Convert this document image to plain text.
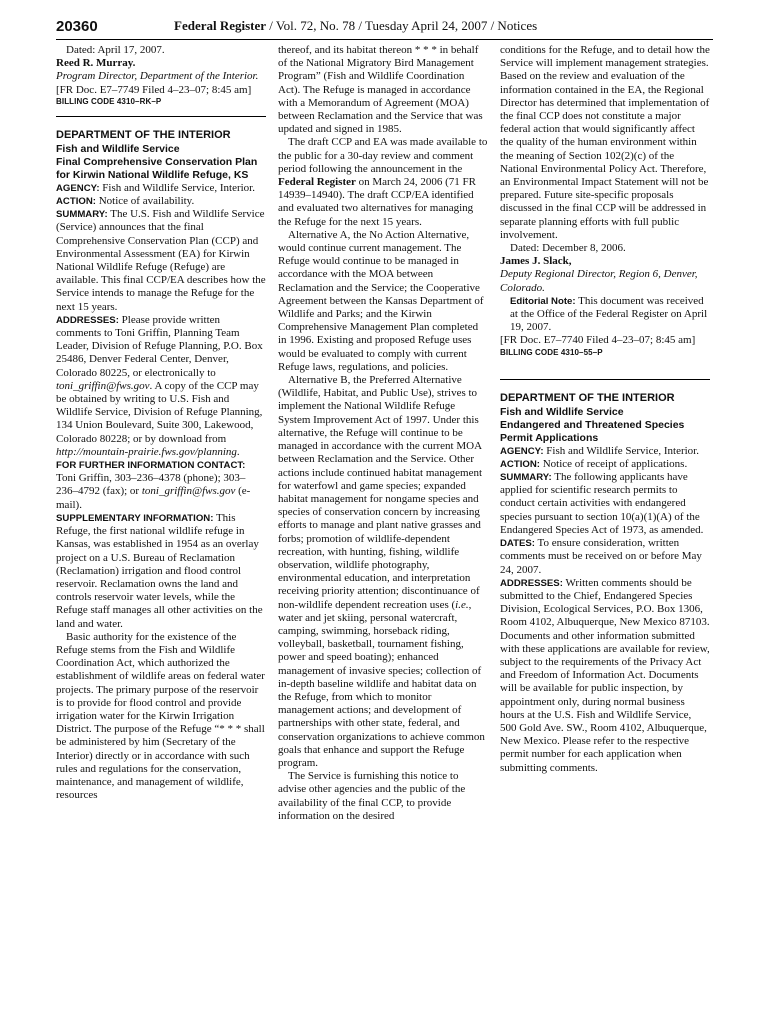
20360	Federal Register / Vol. 72, No. 78 / Tuesday April 24, 2007 / Notices

Dated: April 17, 2007.

Reed R. Murray.

Program Director, Department of the Interior.

[FR Doc. E7–7749 Filed 4–23–07; 8:45 am]

BILLING CODE 4310–RK–P

DEPARTMENT OF THE INTERIOR

Fish and Wildlife Service

Final Comprehensive Conservation Plan for Kirwin National Wildlife Refuge, KS

AGENCY: Fish and Wildlife Service, Interior.

ACTION: Notice of availability.

SUMMARY: The U.S. Fish and Wildlife Service (Service) announces that the final Comprehensive Conservation Plan (CCP) and Environmental Assessment (EA) for Kirwin National Wildlife Refuge (Refuge) are available. This final CCP/EA describes how the Service intends to manage the Refuge for the next 15 years.

ADDRESSES: Please provide written comments to Toni Griffin, Planning Team Leader, Division of Refuge Planning, P.O. Box 25486, Denver Federal Center, Denver, Colorado 80225, or electronically to toni_griffin@fws.gov. A copy of the CCP may be obtained by writing to U.S. Fish and Wildlife Service, Division of Refuge Planning, 134 Union Boulevard, Suite 300, Lakewood, Colorado 80228; or by download from http://mountain-prairie.fws.gov/planning.

FOR FURTHER INFORMATION CONTACT: Toni Griffin, 303–236–4378 (phone); 303–236–4792 (fax); or toni_griffin@fws.gov (e-mail).

SUPPLEMENTARY INFORMATION: This Refuge, the first national wildlife refuge in Kansas, was established in 1954 as an overlay project on a U.S. Bureau of Reclamation (Reclamation) irrigation and flood control reservoir. Reclamation owns the land and controls reservoir water levels, while the Refuge staff manages all other activities on the land and water.

Basic authority for the existence of the Refuge stems from the Fish and Wildlife Coordination Act, which authorized the establishment of wildlife areas on federal water projects. The primary purpose of the reservoir is to provide for flood control and provide irrigation water for the Kirwin Irrigation District. The purpose of the Refuge “* * * shall be administered by him (Secretary of the Interior) directly or in accordance with such rules and regulations for the conservation, maintenance, and management of wildlife, resources

thereof, and its habitat thereon * * * in behalf of the National Migratory Bird Management Program” (Fish and Wildlife Coordination Act). The Refuge is managed in accordance with a Memorandum of Agreement (MOA) between Reclamation and the Service that was updated and signed in 1985.

The draft CCP and EA was made available to the public for a 30-day review and comment period following the announcement in the Federal Register on March 24, 2006 (71 FR 14939–14940). The draft CCP/EA identified and evaluated two alternatives for managing the Refuge for the next 15 years.

Alternative A, the No Action Alternative, would continue current management. The Refuge would continue to be managed in accordance with the MOA between Reclamation and the Service; the Cooperative Agreement between the Kansas Department of Wildlife and Parks; and the Kirwin Comprehensive Management Plan completed in 1996. Existing and proposed Refuge uses would be evaluated to comply with current Refuge laws, regulations, and policies.

Alternative B, the Preferred Alternative (Wildlife, Habitat, and Public Use), strives to implement the National Wildlife Refuge System Improvement Act of 1997. Under this alternative, the Refuge will continue to be managed in accordance with the current MOA between Reclamation and the Service. Other actions include continued habitat management for waterfowl and game species; expanded habitat management for nongame species and species of conservation concern by increasing efforts to manage and plant native grasses and forbs; promotion of wildlife-dependent recreation, with hunting, fishing, wildlife observation, wildlife photography, environmental education, and interpretation receiving priority attention; discontinuance of non-wildlife dependent recreation uses (i.e., water and jet skiing, personal watercraft, camping, swimming, horseback riding, volleyball, basketball, tournament fishing, power and speed boating); enhanced management of invasive species; collection of in-depth baseline wildlife and habitat data on the Refuge, from which to monitor management actions; and development of partnerships with other state, federal, and conservation organizations to achieve common goals that enhance and support the Refuge program.

The Service is furnishing this notice to advise other agencies and the public of the availability of the final CCP, to provide information on the desired

conditions for the Refuge, and to detail how the Service will implement management strategies. Based on the review and evaluation of the information contained in the EA, the Regional Director has determined that implementation of the final CCP does not constitute a major federal action that would significantly affect the quality of the human environment within the meaning of Section 102(2)(c) of the National Environmental Policy Act. Therefore, an Environmental Impact Statement will not be prepared. Future site-specific proposals discussed in the final CCP will be addressed in separate planning efforts with full public involvement.

Dated: December 8, 2006.

James J. Slack,

Deputy Regional Director, Region 6, Denver, Colorado.

Editorial Note: This document was received at the Office of the Federal Register on April 19, 2007.

[FR Doc. E7–7740 Filed 4–23–07; 8:45 am]

BILLING CODE 4310–55–P

DEPARTMENT OF THE INTERIOR

Fish and Wildlife Service

Endangered and Threatened Species Permit Applications

AGENCY: Fish and Wildlife Service, Interior.

ACTION: Notice of receipt of applications.

SUMMARY: The following applicants have applied for scientific research permits to conduct certain activities with endangered species pursuant to section 10(a)(1)(A) of the Endangered Species Act of 1973, as amended.

DATES: To ensure consideration, written comments must be received on or before May 24, 2007.

ADDRESSES: Written comments should be submitted to the Chief, Endangered Species Division, Ecological Services, P.O. Box 1306, Room 4102, Albuquerque, New Mexico 87103. Documents and other information submitted with these applications are available for review, subject to the requirements of the Privacy Act and Freedom of Information Act. Documents will be available for public inspection, by appointment only, during normal business hours at the U.S. Fish and Wildlife Service, 500 Gold Ave. SW., Room 4102, Albuquerque, New Mexico. Please refer to the respective permit number for each application when submitting comments.
